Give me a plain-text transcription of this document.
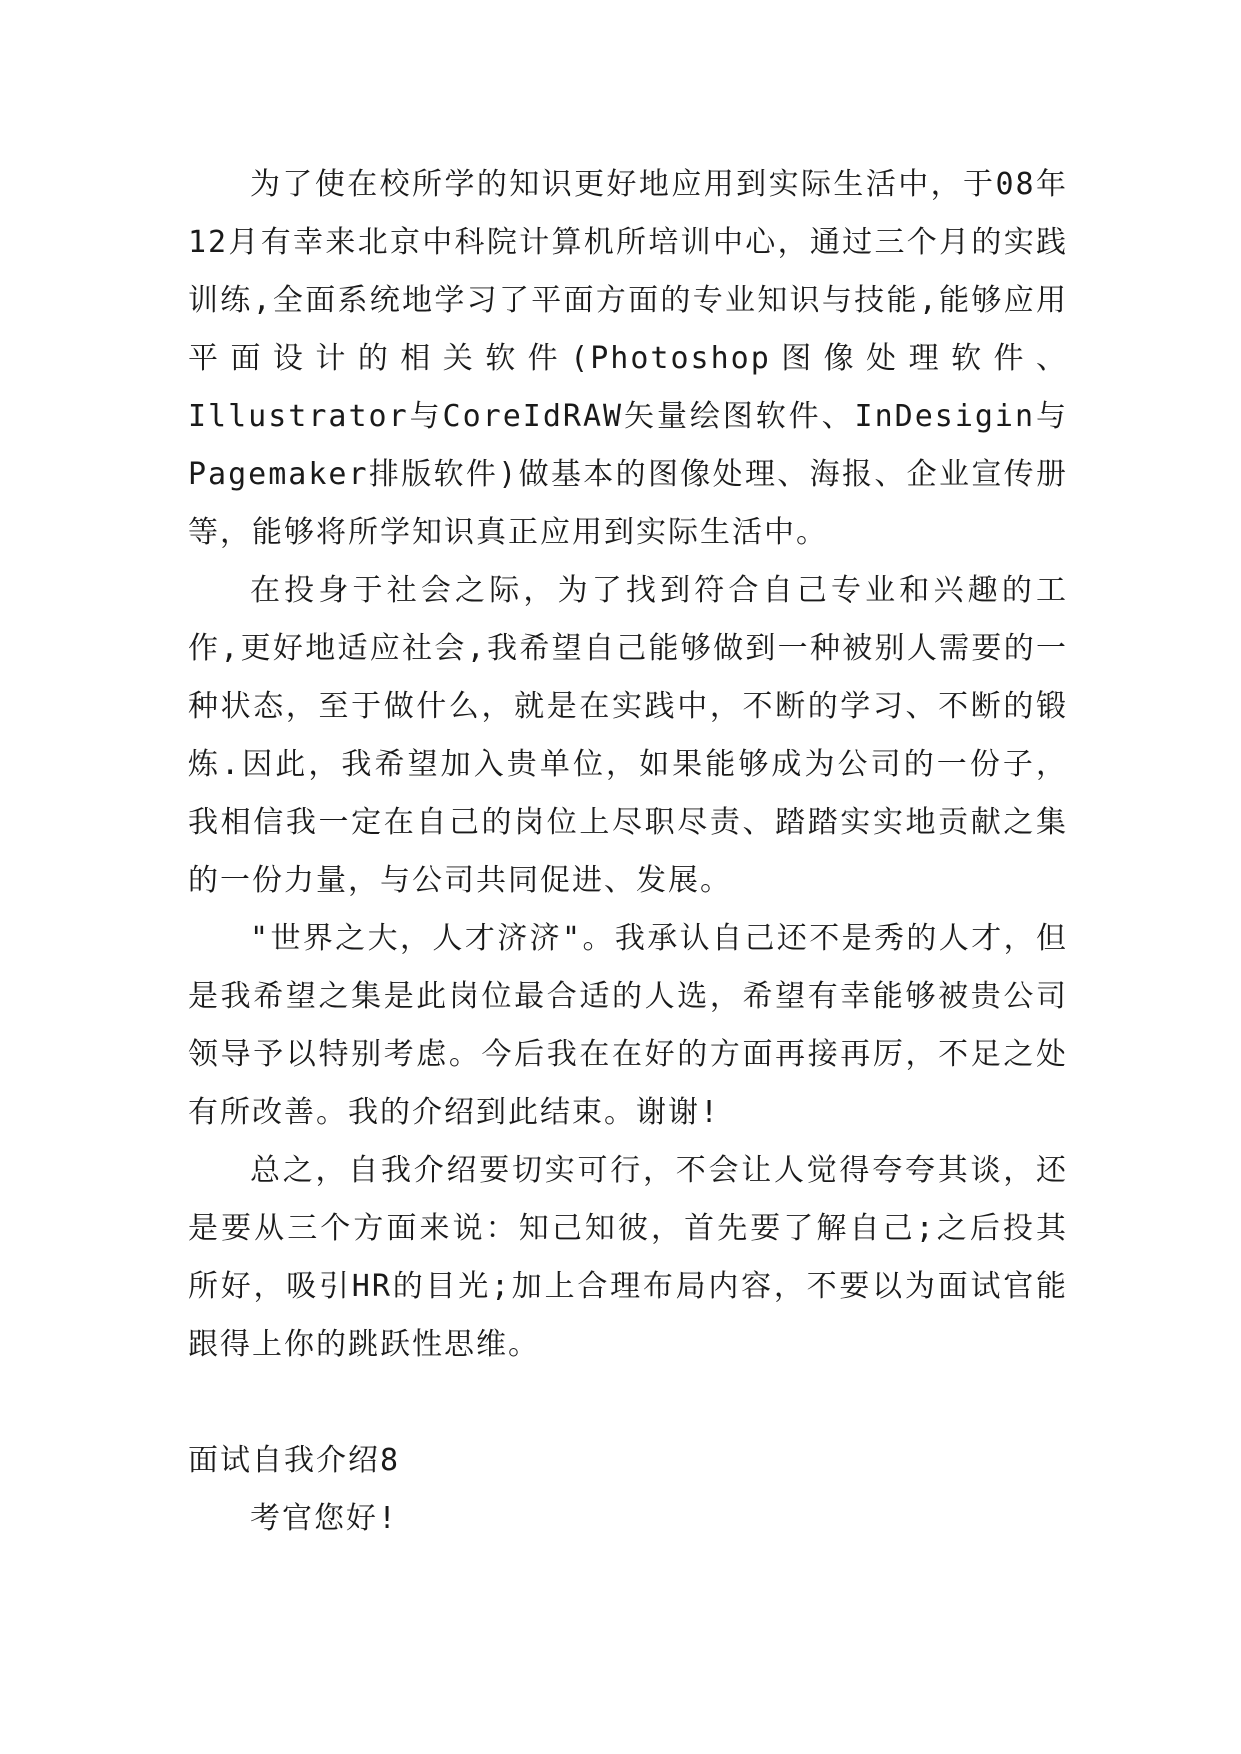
为了使在校所学的知识更好地应用到实际生活中，于08年12月有幸来北京中科院计算机所培训中心，通过三个月的实践训练,全面系统地学习了平面方面的专业知识与技能,能够应用平面设计的相关软件(Photoshop图像处理软件、Illustrator与CoreIdRAW矢量绘图软件、InDesigin与Pagemaker排版软件)做基本的图像处理、海报、企业宣传册等，能够将所学知识真正应用到实际生活中。

在投身于社会之际，为了找到符合自己专业和兴趣的工作,更好地适应社会,我希望自己能够做到一种被别人需要的一种状态，至于做什么，就是在实践中，不断的学习、不断的锻炼.因此，我希望加入贵单位，如果能够成为公司的一份子，我相信我一定在自己的岗位上尽职尽责、踏踏实实地贡献之集的一份力量，与公司共同促进、发展。

"世界之大，人才济济"。我承认自己还不是秀的人才，但是我希望之集是此岗位最合适的人选，希望有幸能够被贵公司领导予以特别考虑。今后我在在好的方面再接再厉，不足之处有所改善。我的介绍到此结束。谢谢!

总之，自我介绍要切实可行，不会让人觉得夸夸其谈，还是要从三个方面来说：知己知彼，首先要了解自己;之后投其所好，吸引HR的目光;加上合理布局内容，不要以为面试官能跟得上你的跳跃性思维。

面试自我介绍8

考官您好!
